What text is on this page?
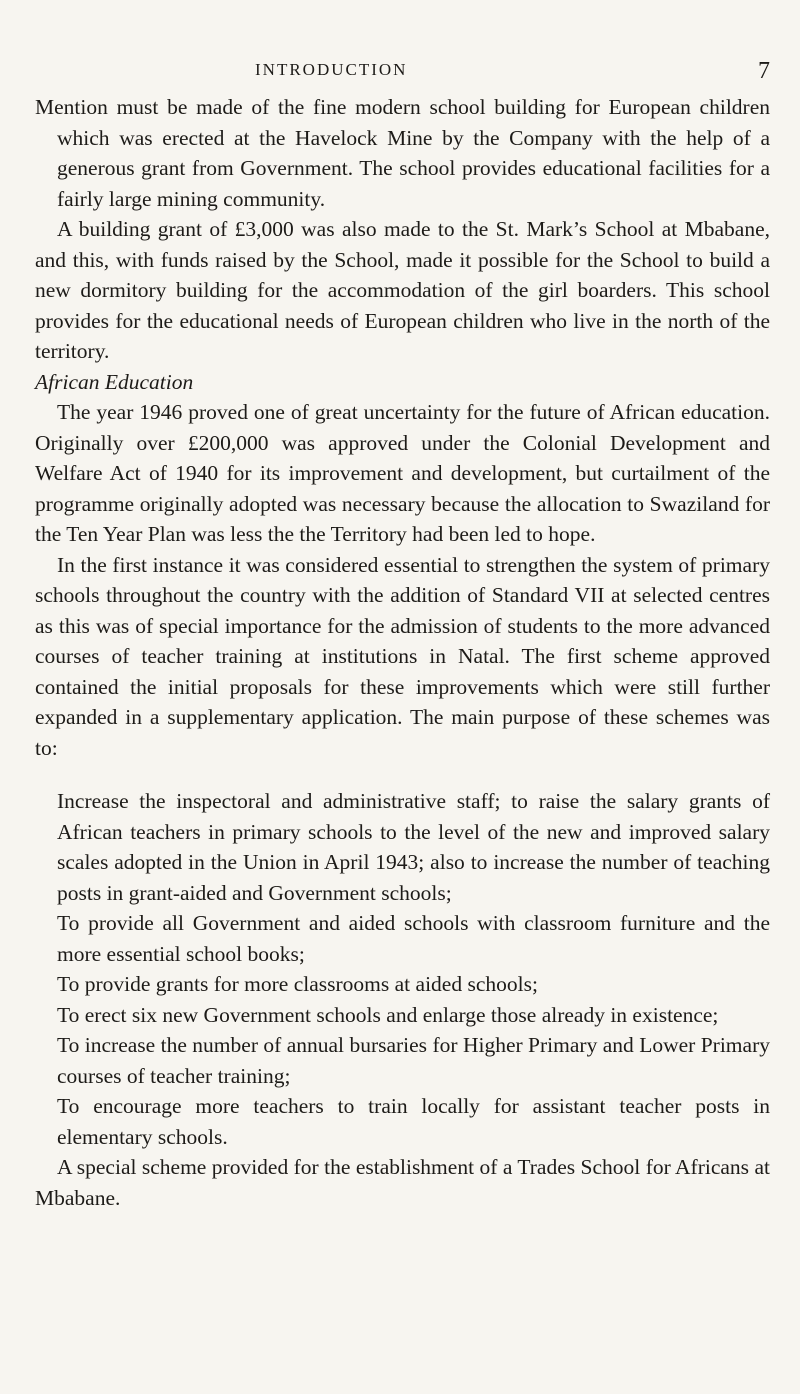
INTRODUCTION	7

Mention must be made of the fine modern school building for European children which was erected at the Havelock Mine by the Company with the help of a generous grant from Government. The school provides educational facilities for a fairly large mining community.

A building grant of £3,000 was also made to the St. Mark’s School at Mbabane, and this, with funds raised by the School, made it possible for the School to build a new dormitory building for the accommodation of the girl boarders. This school provides for the educational needs of European children who live in the north of the territory.

African Education

The year 1946 proved one of great uncertainty for the future of African education. Originally over £200,000 was approved under the Colonial Development and Welfare Act of 1940 for its improvement and development, but curtailment of the programme originally adopted was necessary because the allocation to Swaziland for the Ten Year Plan was less the the Territory had been led to hope.

In the first instance it was considered essential to strengthen the system of primary schools throughout the country with the addition of Standard VII at selected centres as this was of special importance for the admission of students to the more advanced courses of teacher training at institutions in Natal. The first scheme approved contained the initial proposals for these improvements which were still further expanded in a supplementary application. The main purpose of these schemes was to:

Increase the inspectoral and administrative staff; to raise the salary grants of African teachers in primary schools to the level of the new and improved salary scales adopted in the Union in April 1943; also to increase the number of teaching posts in grant-aided and Government schools;

To provide all Government and aided schools with classroom furniture and the more essential school books;

To provide grants for more classrooms at aided schools;

To erect six new Government schools and enlarge those already in existence;

To increase the number of annual bursaries for Higher Primary and Lower Primary courses of teacher training;

To encourage more teachers to train locally for assistant teacher posts in elementary schools.

A special scheme provided for the establishment of a Trades School for Africans at Mbabane.
